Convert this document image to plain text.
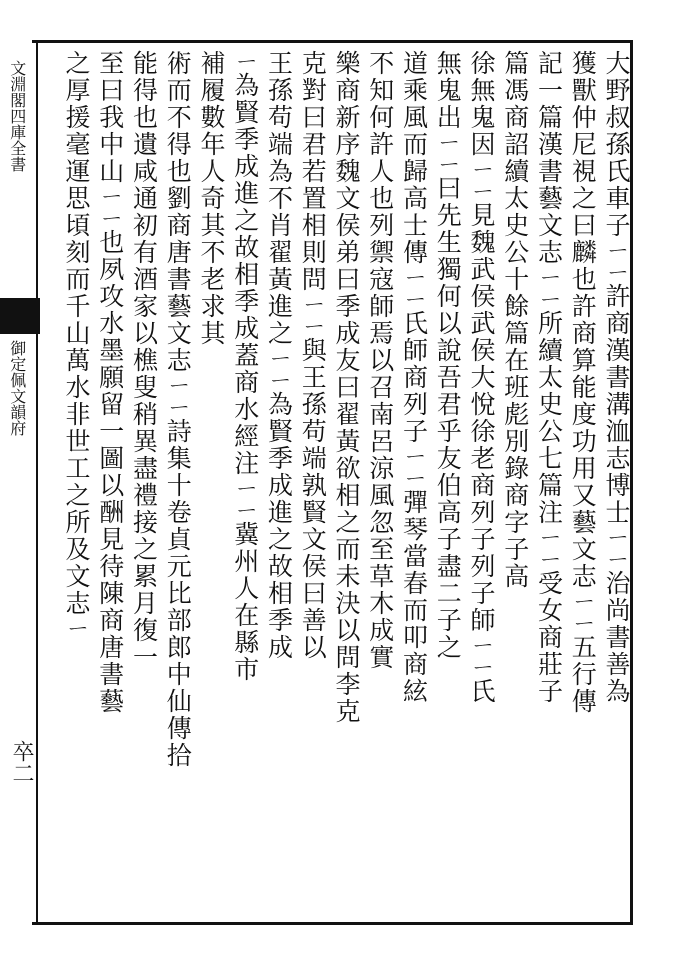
文淵閣四庫全書
御定佩文韻府
卒二
大野叔孫氏車子ㄧㄧ許商漢書溝洫志博士ㄧㄧ治尚書善為
獲獸仲尼視之曰麟也許商算能度功用又藝文志ㄧㄧ五行傳
記一篇漢書藝文志ㄧㄧ所續太史公七篇注ㄧㄧ受女商莊子
篇馮商詔續太史公十餘篇在班彪別錄商字子高
徐無鬼因ㄧㄧ見魏武侯武侯大悅徐老商列子列子師ㄧㄧ氏
無鬼出ㄧㄧ曰先生獨何以說吾君乎友伯高子盡二子之
道乘風而歸高士傳ㄧㄧ氏師商列子ㄧㄧ彈琴當春而叩商絃
不知何許人也列禦寇師焉以召南呂涼風忽至草木成實
樂商新序魏文侯弟曰季成友曰翟黃欲相之而未決以問李克
克對曰君若置相則問ㄧㄧ與王孫苟端孰賢文侯曰善以
王孫苟端為不肖翟黃進之ㄧㄧ為賢季成進之故相季成
ㄧ為賢季成進之故相季成蓋商水經注ㄧㄧ冀州人在縣市
補履數年人奇其不老求其
術而不得也劉商唐書藝文志ㄧㄧ詩集十卷貞元比部郎中仙傳拾
能得也遺咸通初有酒家以樵叟稍異盡禮接之累月復一
至曰我中山ㄧㄧ也夙攻水墨願留一圖以酬見待陳商唐書藝
之厚援毫運思頃刻而千山萬水非世工之所及文志ㄧ
